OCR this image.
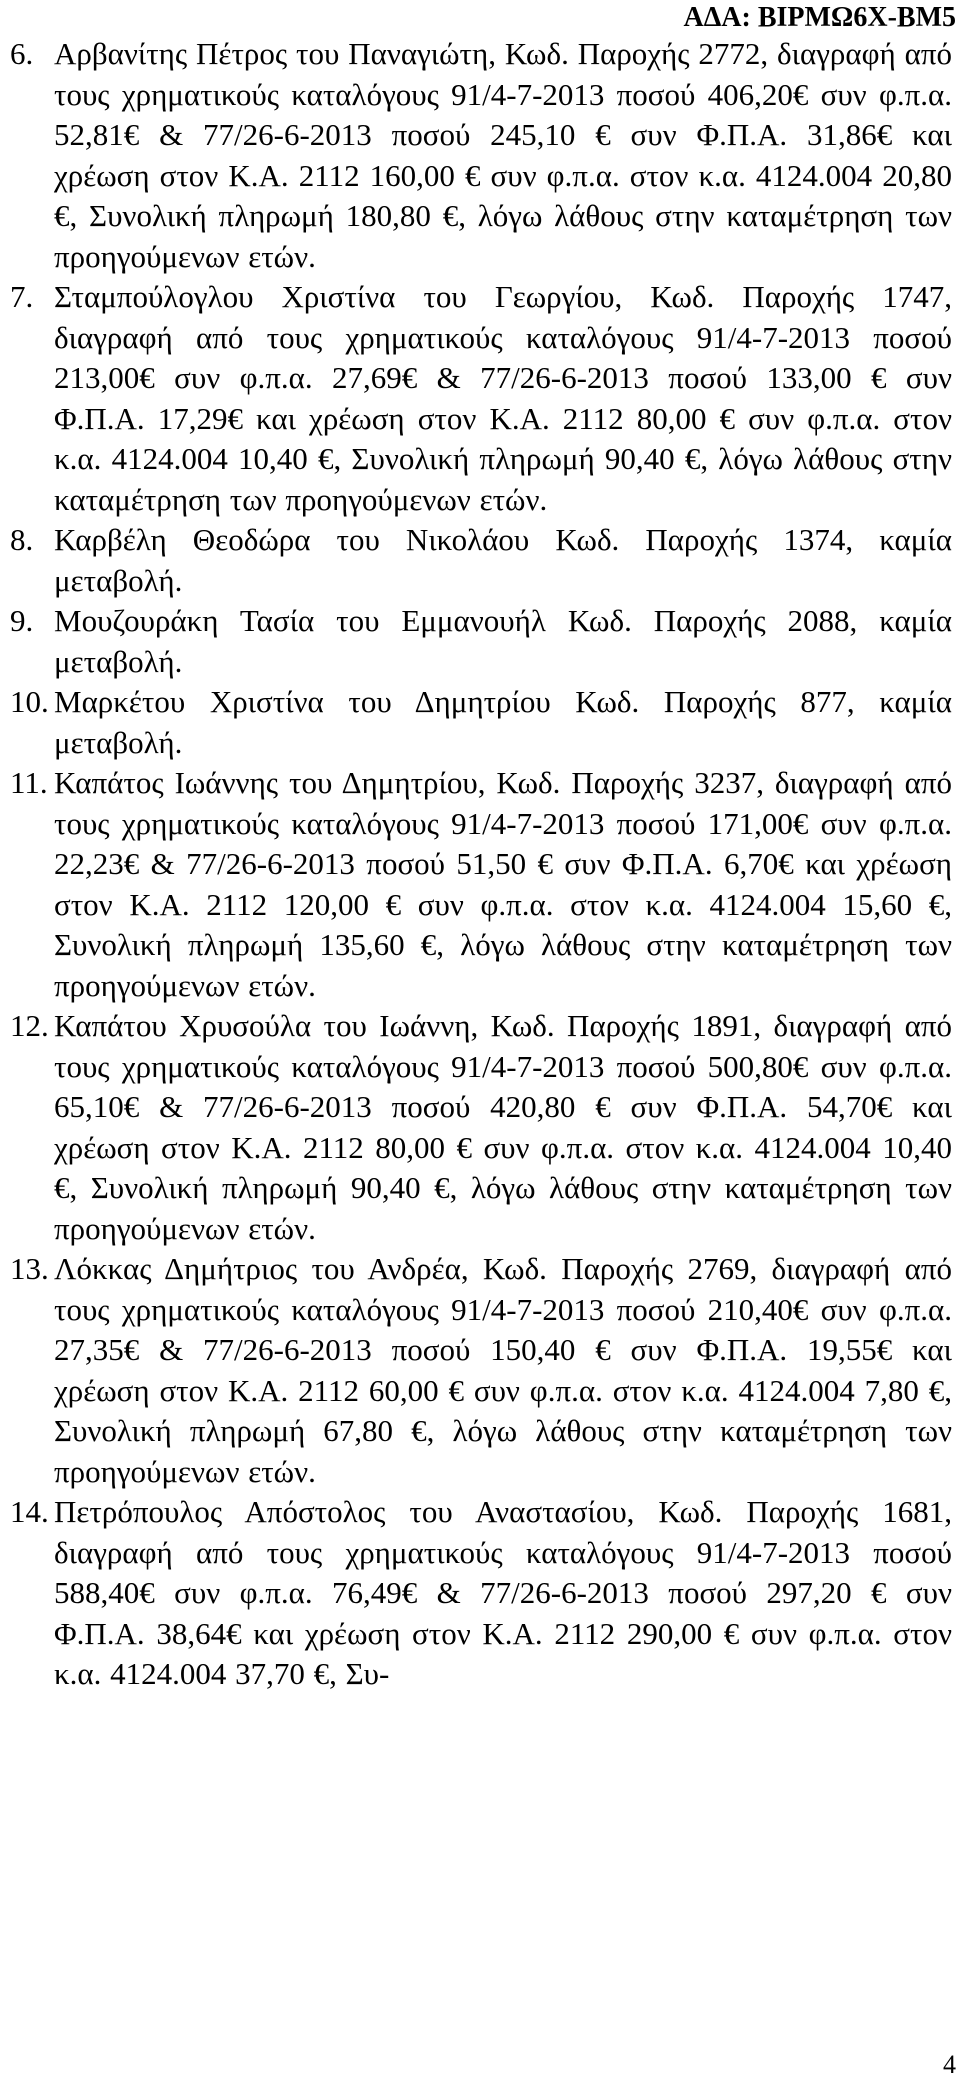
ΑΔΑ: ΒΙΡΜΩ6Χ-ΒΜ5
6. Αρβανίτης Πέτρος του Παναγιώτη, Κωδ. Παροχής 2772, διαγραφή από τους χρηματικούς καταλόγους 91/4-7-2013 ποσού 406,20€ συν φ.π.α. 52,81€ & 77/26-6-2013 ποσού 245,10 € συν Φ.Π.Α. 31,86€ και χρέωση στον Κ.Α. 2112 160,00 € συν φ.π.α. στον κ.α. 4124.004 20,80 €, Συνολική πληρωμή 180,80 €, λόγω λάθους στην καταμέτρηση των προηγούμενων ετών.
7. Σταμπούλογλου Χριστίνα του Γεωργίου, Κωδ. Παροχής 1747, διαγραφή από τους χρηματικούς καταλόγους 91/4-7-2013 ποσού 213,00€ συν φ.π.α. 27,69€ & 77/26-6-2013 ποσού 133,00 € συν Φ.Π.Α. 17,29€ και χρέωση στον Κ.Α. 2112 80,00 € συν φ.π.α. στον κ.α. 4124.004 10,40 €, Συνολική πληρωμή 90,40 €, λόγω λάθους στην καταμέτρηση των προηγούμενων ετών.
8. Καρβέλη Θεοδώρα του Νικολάου Κωδ. Παροχής 1374, καμία μεταβολή.
9. Μουζουράκη Τασία του Εμμανουήλ Κωδ. Παροχής 2088, καμία μεταβολή.
10. Μαρκέτου Χριστίνα του Δημητρίου Κωδ. Παροχής 877, καμία μεταβολή.
11. Καπάτος Ιωάννης του Δημητρίου, Κωδ. Παροχής 3237, διαγραφή από τους χρηματικούς καταλόγους 91/4-7-2013 ποσού 171,00€ συν φ.π.α. 22,23€ & 77/26-6-2013 ποσού 51,50 € συν Φ.Π.Α. 6,70€ και χρέωση στον Κ.Α. 2112 120,00 € συν φ.π.α. στον κ.α. 4124.004 15,60 €, Συνολική πληρωμή 135,60 €, λόγω λάθους στην καταμέτρηση των προηγούμενων ετών.
12. Καπάτου Χρυσούλα του Ιωάννη, Κωδ. Παροχής 1891, διαγραφή από τους χρηματικούς καταλόγους 91/4-7-2013 ποσού 500,80€ συν φ.π.α. 65,10€ & 77/26-6-2013 ποσού 420,80 € συν Φ.Π.Α. 54,70€ και χρέωση στον Κ.Α. 2112 80,00 € συν φ.π.α. στον κ.α. 4124.004 10,40 €, Συνολική πληρωμή 90,40 €, λόγω λάθους στην καταμέτρηση των προηγούμενων ετών.
13. Λόκκας Δημήτριος του Ανδρέα, Κωδ. Παροχής 2769, διαγραφή από τους χρηματικούς καταλόγους 91/4-7-2013 ποσού 210,40€ συν φ.π.α. 27,35€ & 77/26-6-2013 ποσού 150,40 € συν Φ.Π.Α. 19,55€ και χρέωση στον Κ.Α. 2112 60,00 € συν φ.π.α. στον κ.α. 4124.004 7,80 €, Συνολική πληρωμή 67,80 €, λόγω λάθους στην καταμέτρηση των προηγούμενων ετών.
14. Πετρόπουλος Απόστολος του Αναστασίου, Κωδ. Παροχής 1681, διαγραφή από τους χρηματικούς καταλόγους 91/4-7-2013 ποσού 588,40€ συν φ.π.α. 76,49€ & 77/26-6-2013 ποσού 297,20 € συν Φ.Π.Α. 38,64€ και χρέωση στον Κ.Α. 2112 290,00 € συν φ.π.α. στον κ.α. 4124.004 37,70 €, Συ-
4
